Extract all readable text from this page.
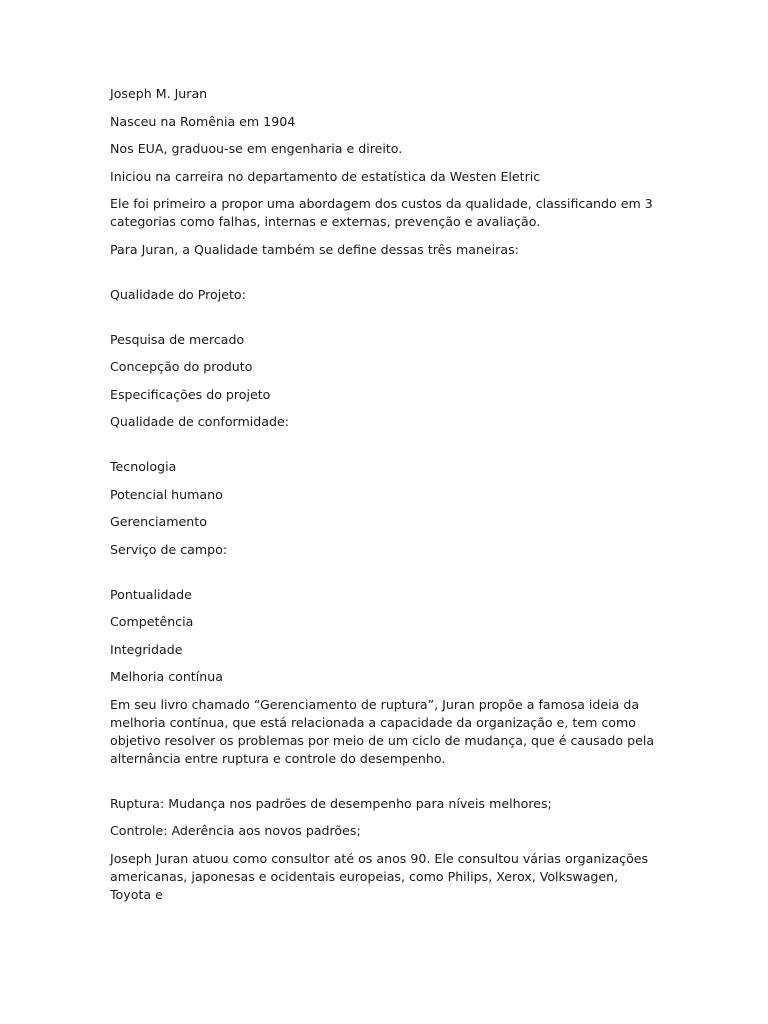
Joseph M. Juran

Nasceu na Romênia em 1904

Nos EUA, graduou-se em engenharia e direito.

Iniciou na carreira no departamento de estatística da Westen Eletric

Ele foi primeiro a propor uma abordagem dos custos da qualidade, classificando em 3 categorias como falhas, internas e externas, prevenção e avaliação.

Para Juran, a Qualidade também se define dessas três maneiras:

Qualidade do Projeto:

Pesquisa de mercado

Concepção do produto

Especificações do projeto

Qualidade de conformidade:

Tecnologia

Potencial humano

Gerenciamento

Serviço de campo:

Pontualidade

Competência

Integridade

Melhoria contínua

Em seu livro chamado “Gerenciamento de ruptura”, Juran propõe a famosa ideia da melhoria contínua, que está relacionada a capacidade da organização e, tem como objetivo resolver os problemas por meio de um ciclo de mudança, que é causado pela alternância entre ruptura e controle do desempenho.

Ruptura: Mudança nos padrões de desempenho para níveis melhores;

Controle: Aderência aos novos padrões;

Joseph Juran atuou como consultor até os anos 90. Ele consultou várias organizações americanas, japonesas e ocidentais europeias, como Philips, Xerox, Volkswagen, Toyota e
